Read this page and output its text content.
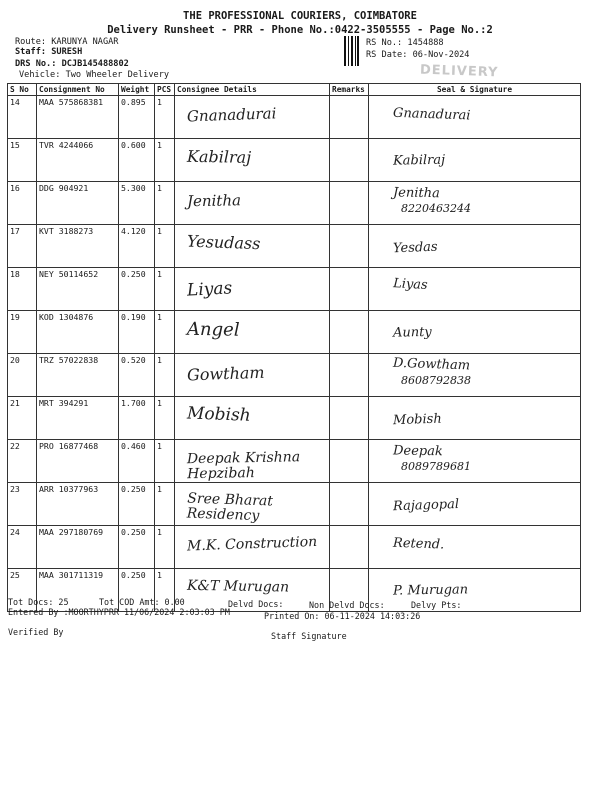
THE PROFESSIONAL COURIERS, COIMBATORE
Delivery Runsheet - PRR - Phone No.:0422-3505555 - Page No.:2
Route: KARUNYA NAGAR
Staff: SURESH
DRS No.: DCJB145488802
Vehicle: Two Wheeler Delivery
RS No.: 1454888
RS Date: 06-Nov-2024
DELIVERY
S No	Consignment No	Weight	PCS	Consignee Details	Remarks	Seal & Signature
14	MAA 575868381	0.895	1	Gnanadurai		Gnanadurai

15	TVR 4244066	0.600	1	Kabilraj		Kabilraj

16	DDG 904921	5.300	1	Jenitha		Jenitha
8220463244

17	KVT 3188273	4.120	1	Yesudass		Yesdas

18	NEY 50114652	0.250	1	Liyas		Liyas

19	KOD 1304876	0.190	1	Angel		Aunty

20	TRZ 57022838	0.520	1	Gowtham		D.Gowtham
8608792838

21	MRT 394291	1.700	1	Mobish		Mobish

22	PRO 16877468	0.460	1	Deepak Krishna Hepzibah		Deepak
8089789681

23	ARR 10377963	0.250	1	Sree Bharat Residency		Rajagopal

24	MAA 297180769	0.250	1	M.K. Construction		Retend.

25	MAA 301711319	0.250	1	K&T Murugan		P. Murugan
Tot Docs: 25	Tot COD Amt: 0.00	Delvd Docs:	Non Delvd Docs:	Delvy Pts:
Entered By :MOORTHYPRR 11/06/2024 2:03:03 PM	Printed On: 06-11-2024 14:03:26
Verified By	Staff Signature
